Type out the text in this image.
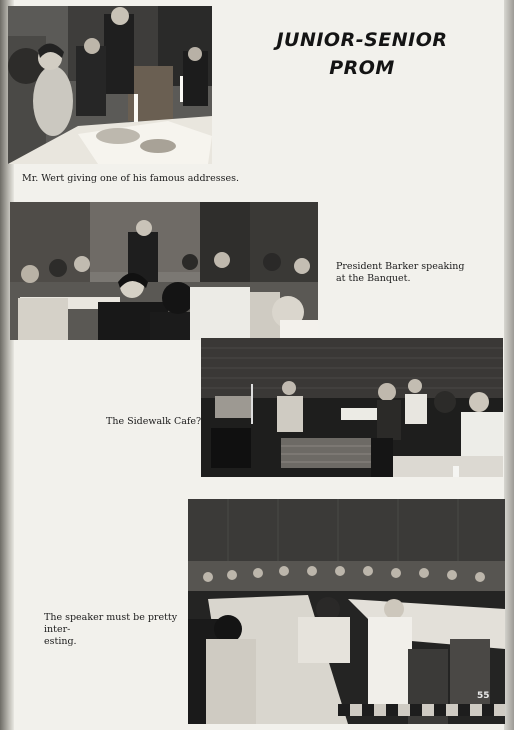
JUNIOR-SENIOR
PROM
Mr. Wert giving one of his famous addresses.
President Barker speaking
at the Banquet.
The Sidewalk Cafe?
The speaker must be pretty inter-
esting.
55
